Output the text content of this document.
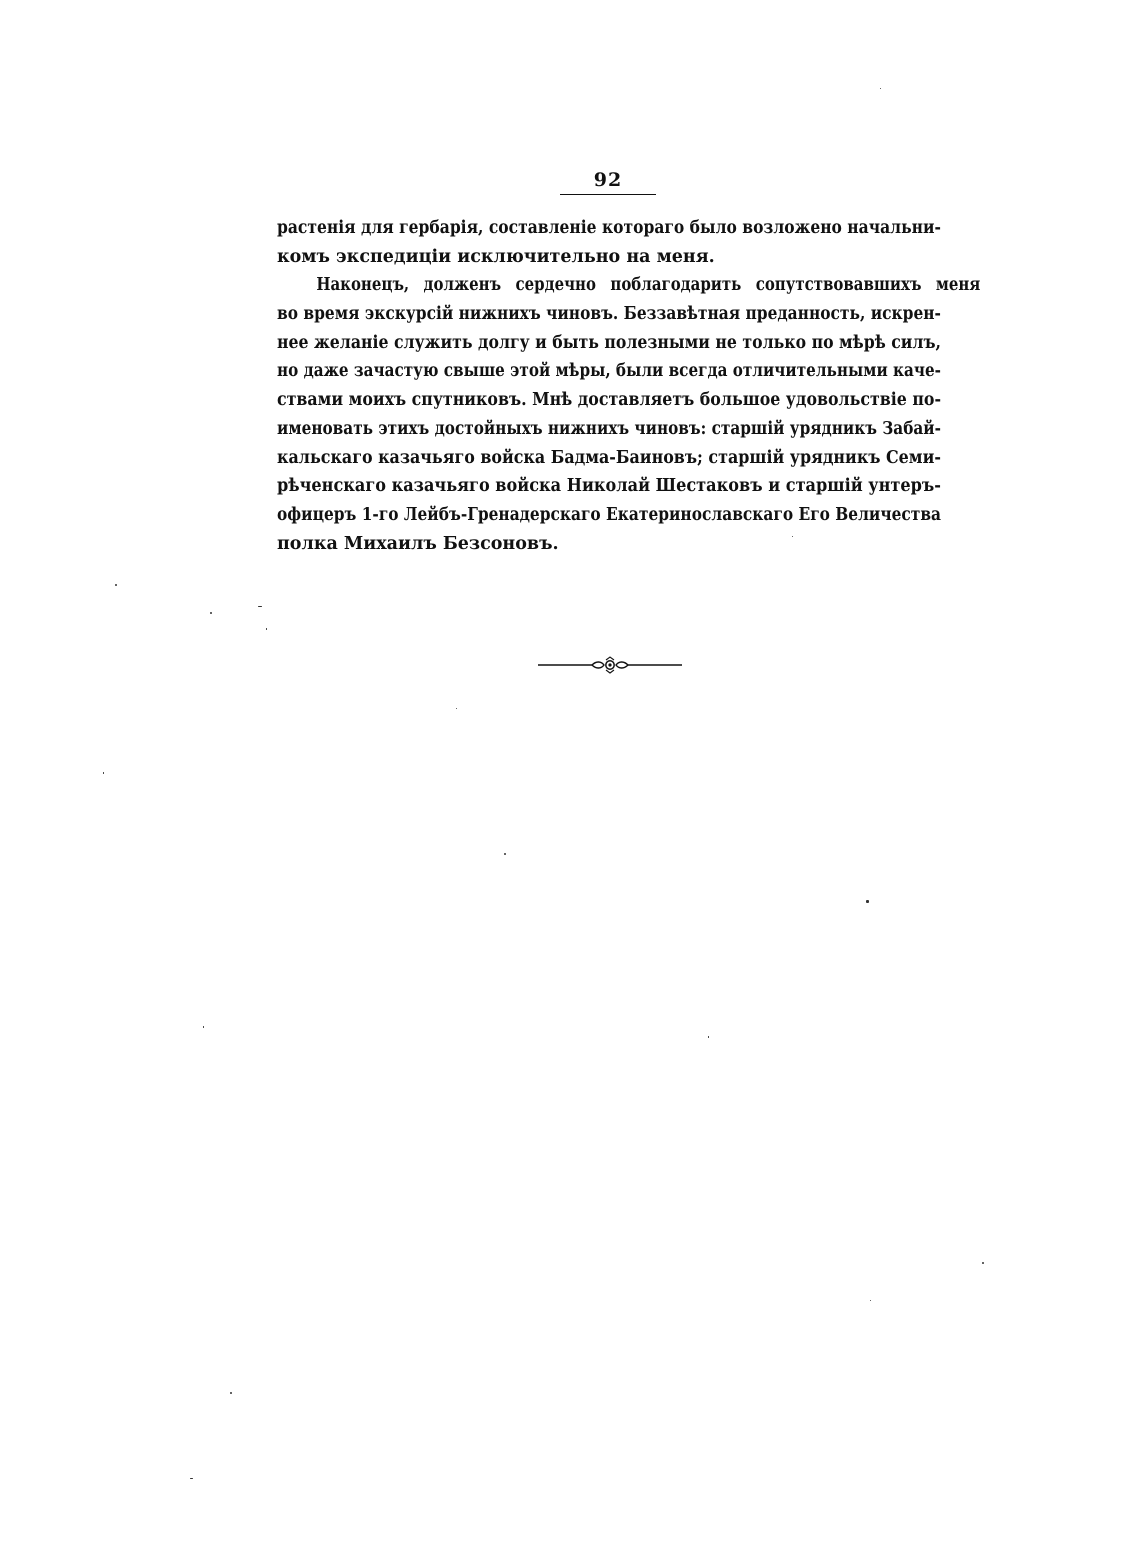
92
растенія для гербарія, составленіе котораго было возложено начальни-
комъ экспедиціи исключительно на меня.
Наконецъ, долженъ сердечно поблагодарить сопутствовавшихъ меня
во время экскурсій нижнихъ чиновъ. Беззавѣтная преданность, искрен-
нее желаніе служить долгу и быть полезными не только по мѣрѣ силъ,
но даже зачастую свыше этой мѣры, были всегда отличительными каче-
ствами моихъ спутниковъ. Мнѣ доставляетъ большое удовольствіе по-
именовать этихъ достойныхъ нижнихъ чиновъ: старшій урядникъ Забай-
кальскаго казачьяго войска Бадма-Баиновъ; старшій урядникъ Семи-
рѣченскаго казачьяго войска Николай Шестаковъ и старшій унтеръ-
офицеръ 1-го Лейбъ-Гренадерскаго Екатеринославскаго Его Величества
полка Михаилъ Безсоновъ.
